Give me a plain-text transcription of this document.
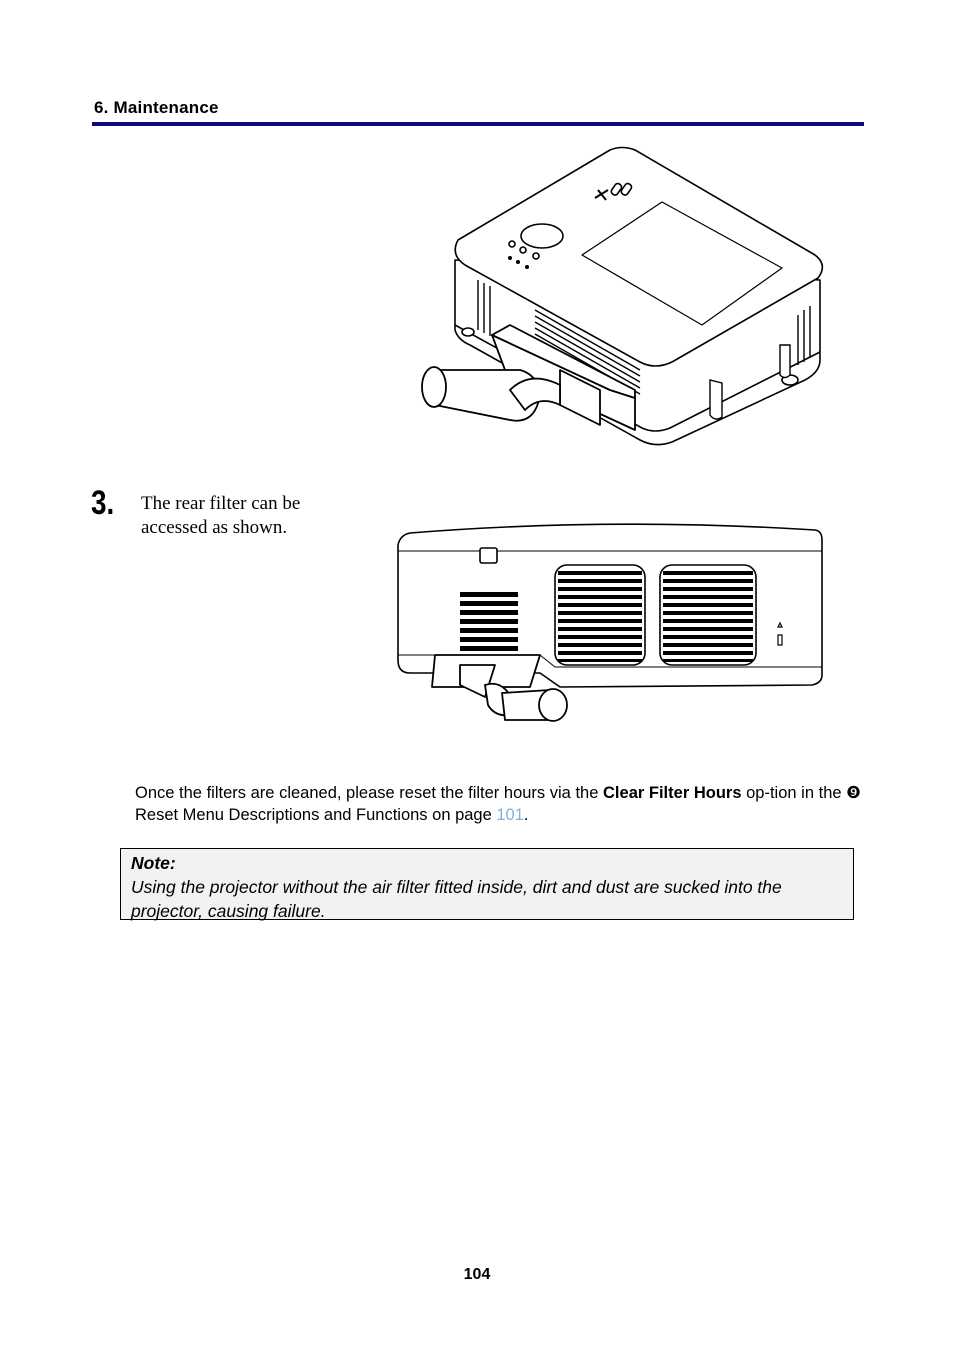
6. Maintenance
3. The rear filter can be
accessed as shown.
Once the filters are cleaned, please reset the filter hours via the Clear Filter Hours op-tion in the ❾ Reset Menu Descriptions and Functions on page 101.
Note:
Using the projector without the air filter fitted inside, dirt and dust are sucked into the projector, causing failure.
104
